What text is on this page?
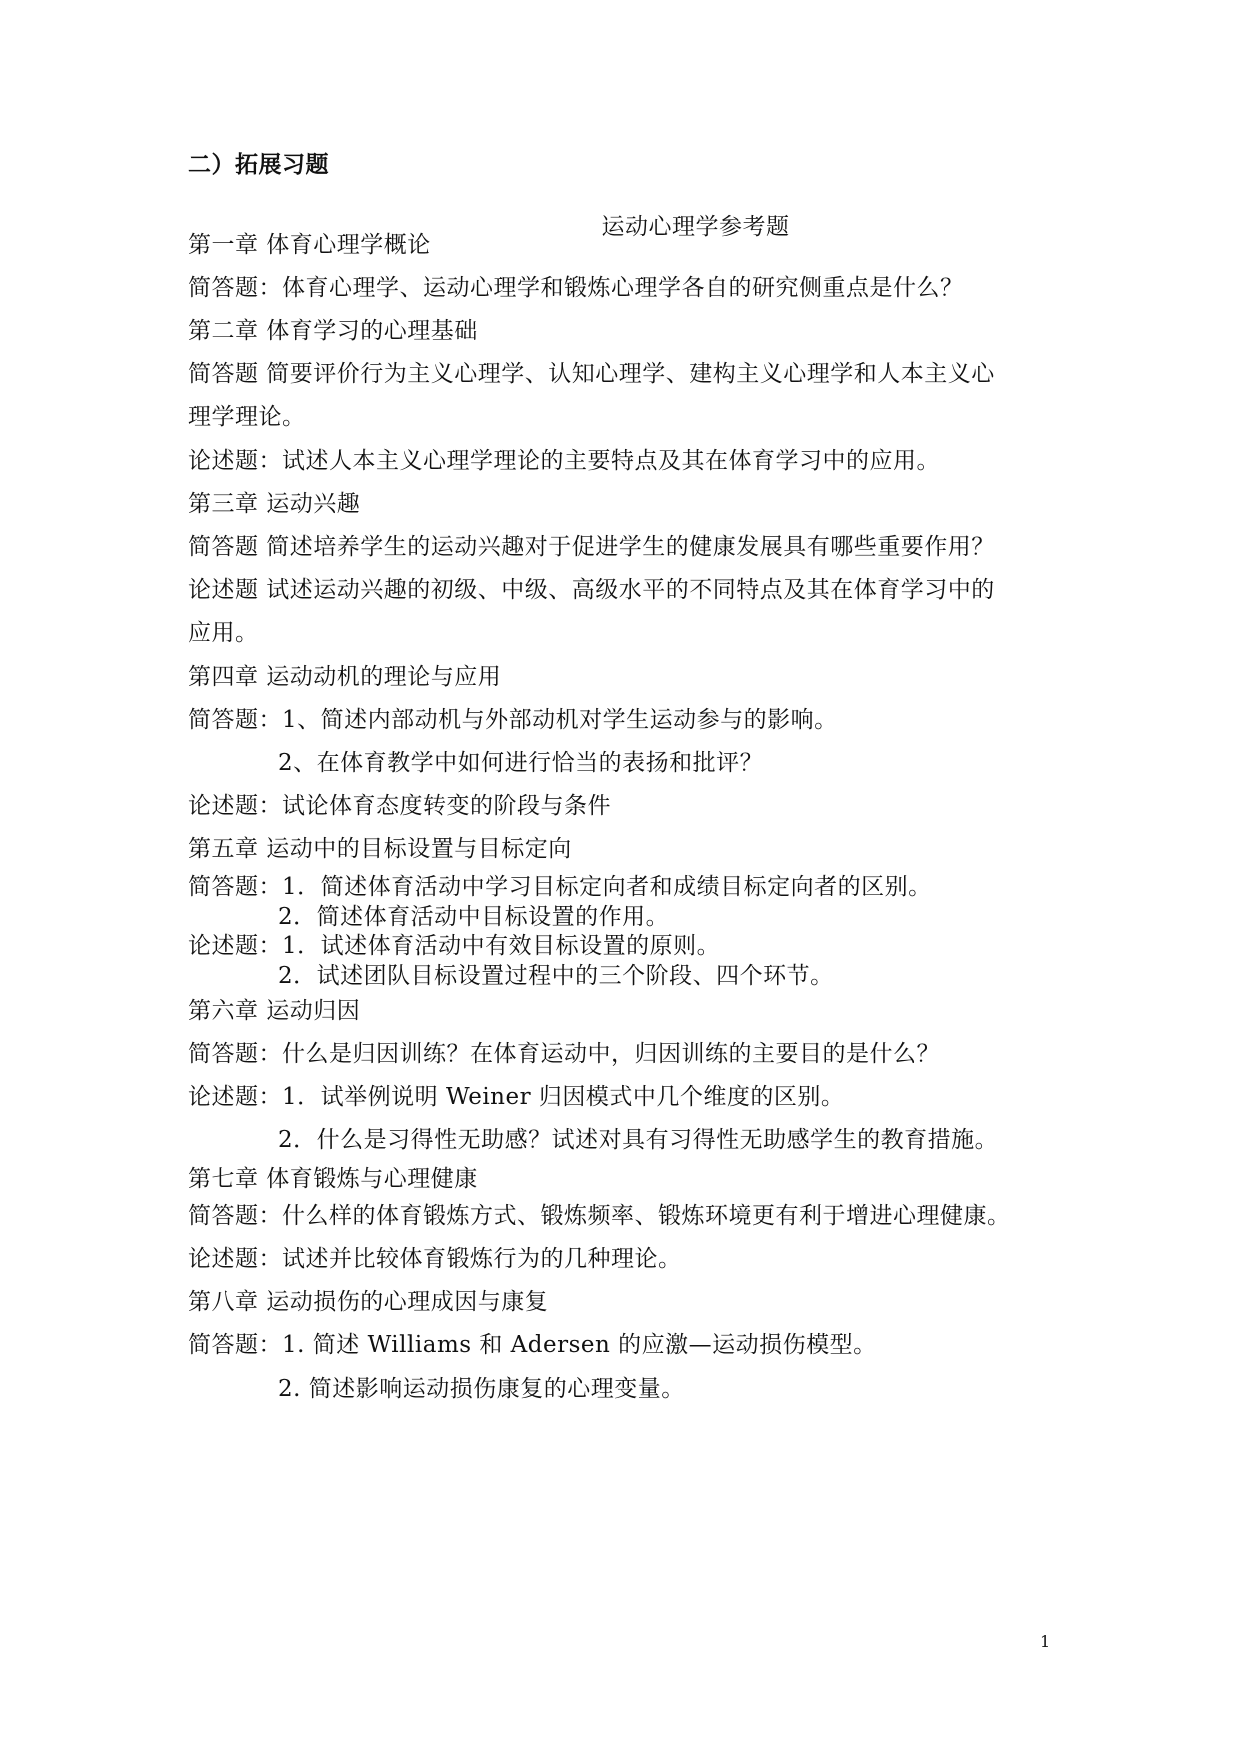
二）拓展习题
运动心理学参考题
第一章 体育心理学概论
简答题：体育心理学、运动心理学和锻炼心理学各自的研究侧重点是什么？
第二章 体育学习的心理基础
简答题 简要评价行为主义心理学、认知心理学、建构主义心理学和人本主义心
理学理论。
论述题：试述人本主义心理学理论的主要特点及其在体育学习中的应用。
第三章 运动兴趣
简答题 简述培养学生的运动兴趣对于促进学生的健康发展具有哪些重要作用？
论述题 试述运动兴趣的初级、中级、高级水平的不同特点及其在体育学习中的
应用。
第四章 运动动机的理论与应用
简答题：1、简述内部动机与外部动机对学生运动参与的影响。
2、在体育教学中如何进行恰当的表扬和批评？
论述题：试论体育态度转变的阶段与条件
第五章 运动中的目标设置与目标定向
简答题：1．简述体育活动中学习目标定向者和成绩目标定向者的区别。
2．简述体育活动中目标设置的作用。
论述题：1．试述体育活动中有效目标设置的原则。
2．试述团队目标设置过程中的三个阶段、四个环节。
第六章 运动归因
简答题：什么是归因训练？在体育运动中，归因训练的主要目的是什么？
论述题：1．试举例说明 Weiner 归因模式中几个维度的区别。
2．什么是习得性无助感？试述对具有习得性无助感学生的教育措施。
第七章 体育锻炼与心理健康
简答题：什么样的体育锻炼方式、锻炼频率、锻炼环境更有利于增进心理健康。
论述题：试述并比较体育锻炼行为的几种理论。
第八章 运动损伤的心理成因与康复
简答题：1. 简述 Williams 和 Adersen 的应激—运动损伤模型。
2. 简述影响运动损伤康复的心理变量。
1
